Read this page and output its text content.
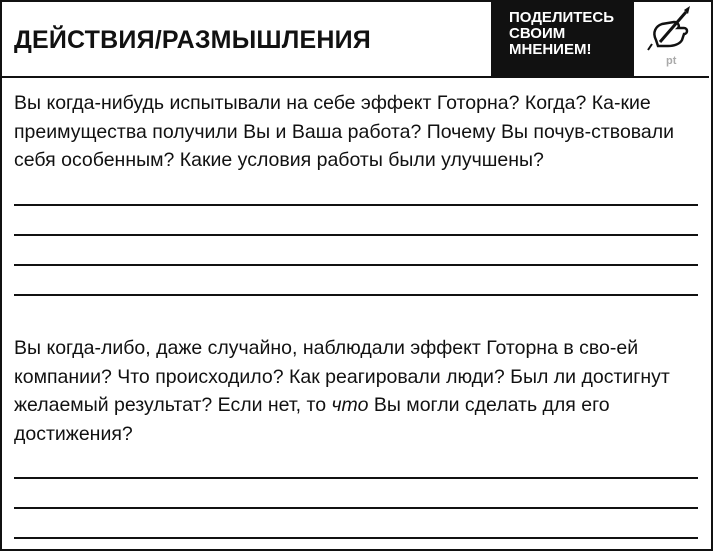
ДЕЙСТВИЯ/РАЗМЫШЛЕНИЯ
ПОДЕЛИТЕСЬ
СВОИМ
МНЕНИЕМ!
pt
Вы когда-нибудь испытывали на себе эффект Готорна? Когда? Ка-кие преимущества получили Вы и Ваша работа? Почему Вы почув-ствовали себя особенным? Какие условия работы были улучшены?
Вы когда-либо, даже случайно, наблюдали эффект Готорна в сво-ей компании? Что происходило? Как реагировали люди? Был ли достигнут желаемый результат? Если нет, то что Вы могли сделать для его достижения?
